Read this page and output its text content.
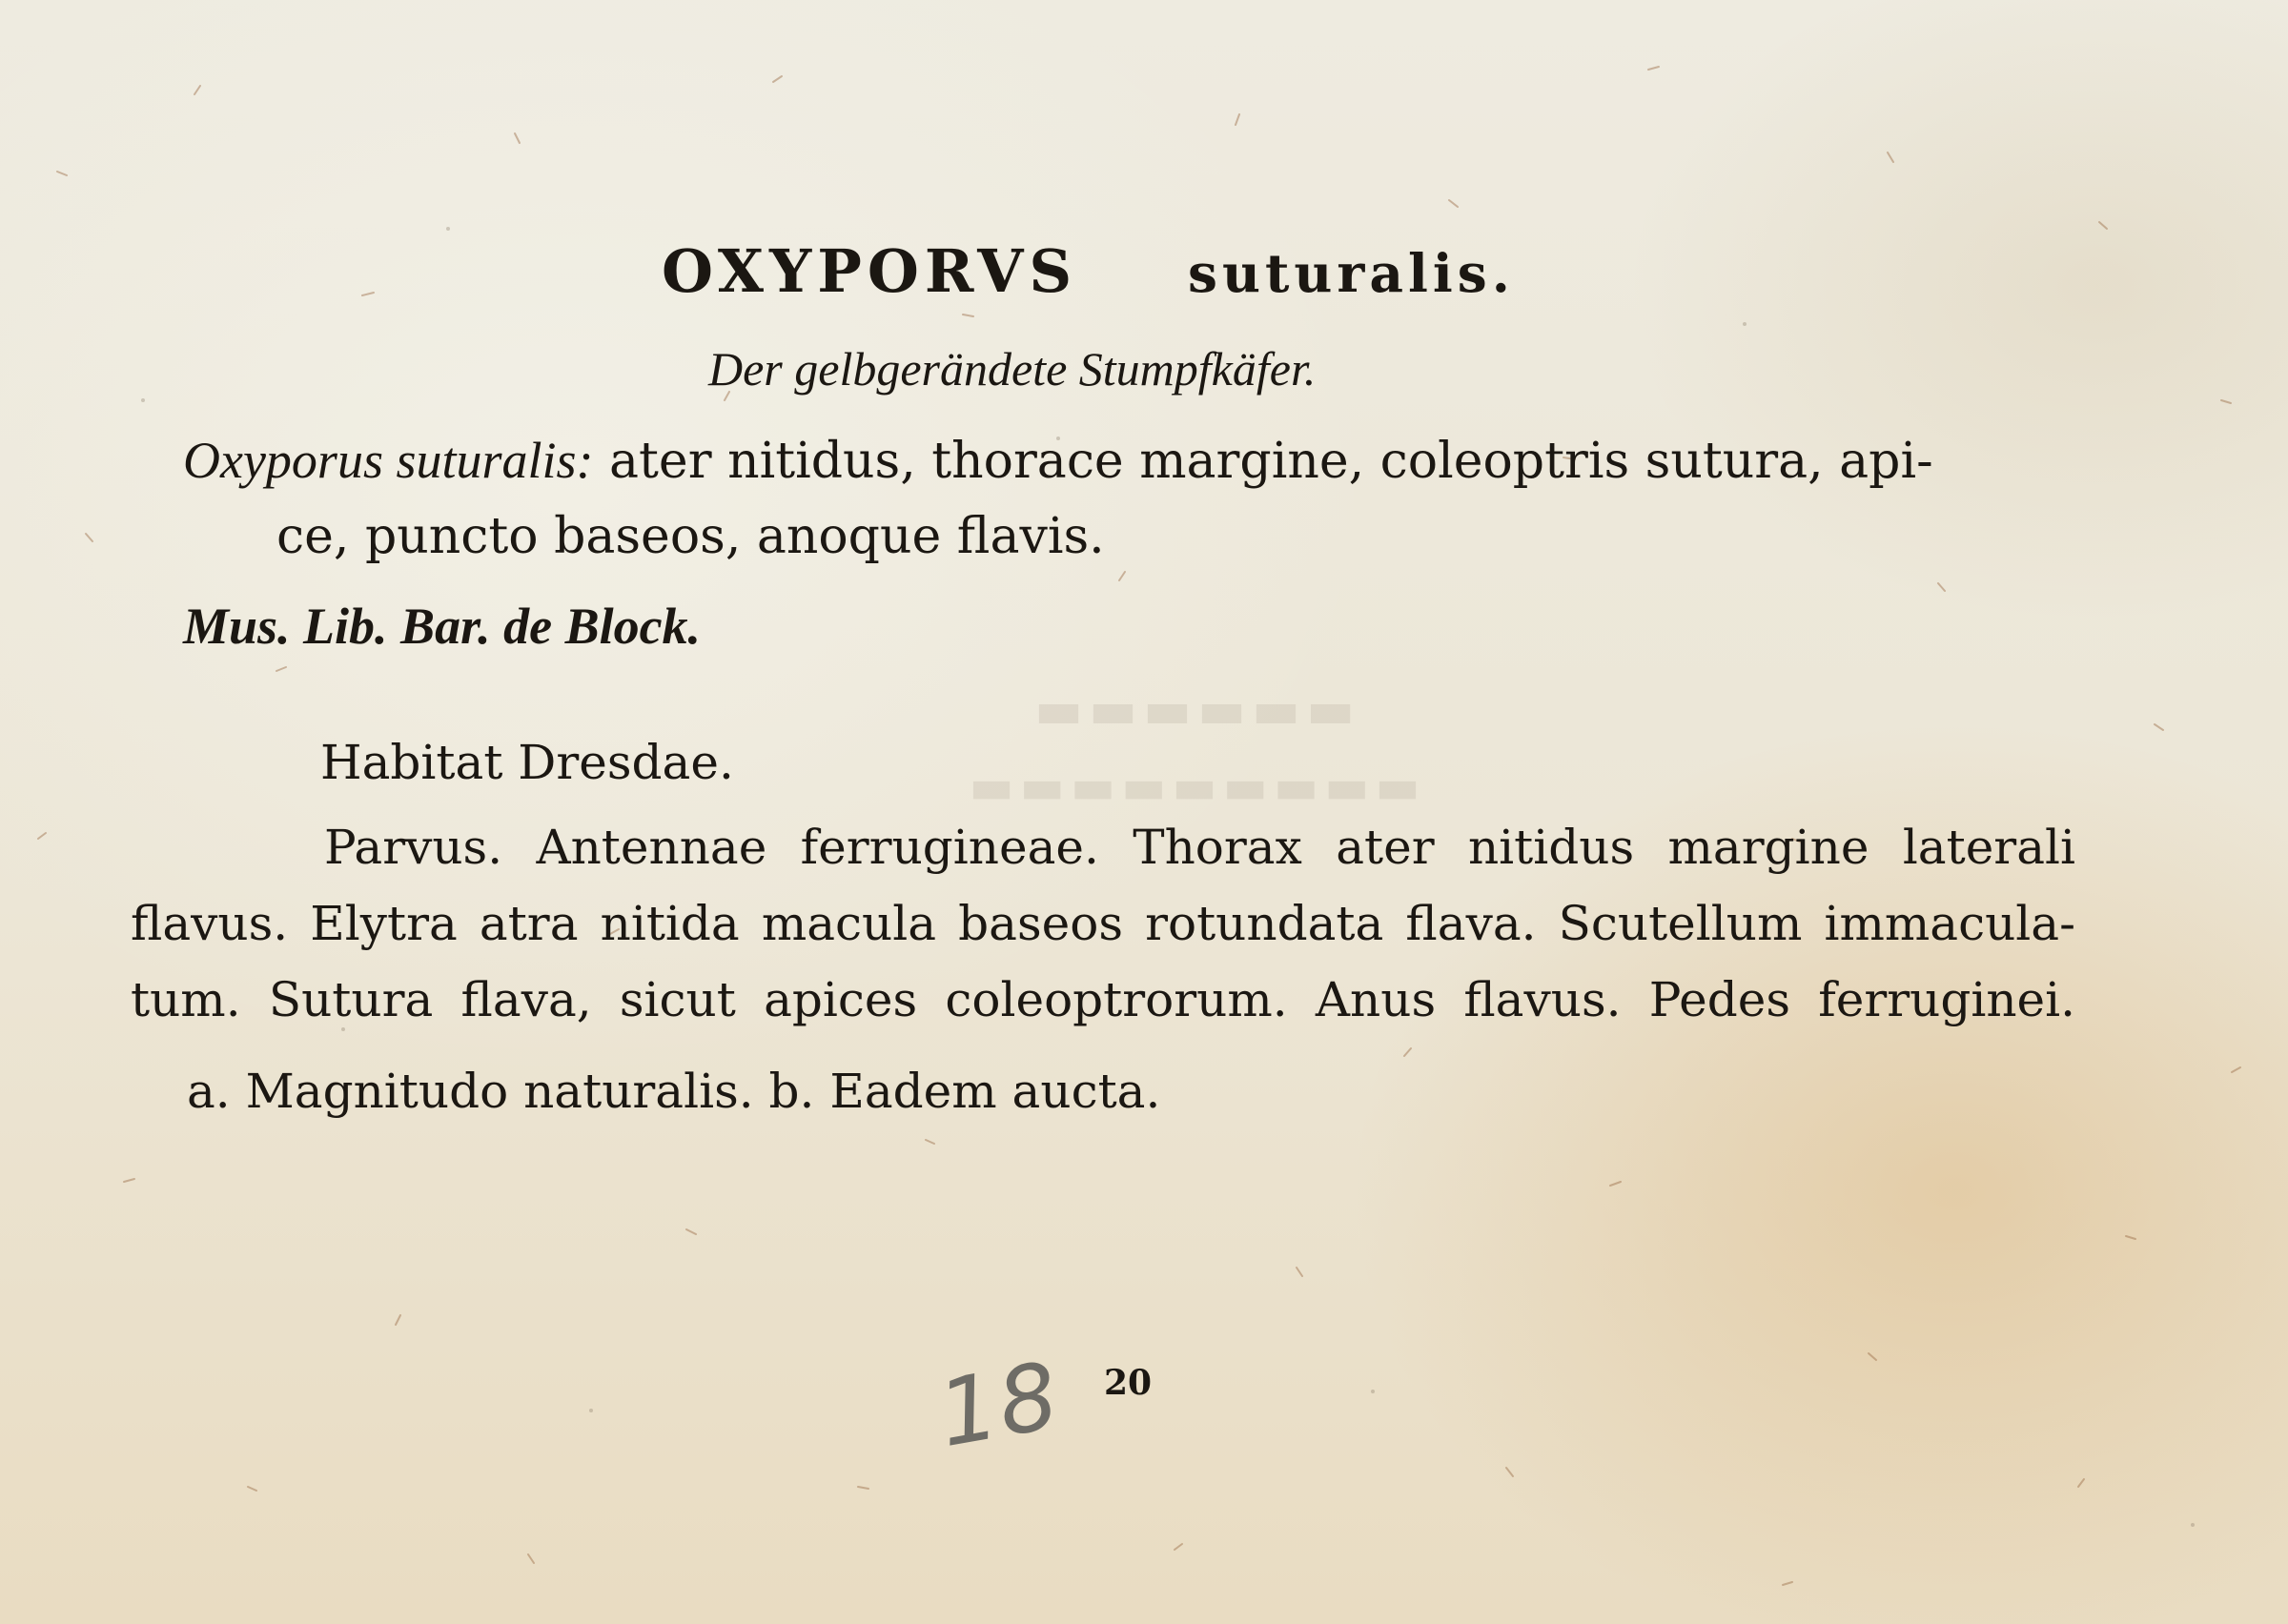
▬▬▬▬▬▬
▬▬▬▬▬▬▬▬▬
OXYPORVS suturalis.
Der gelbgerändete Stumpfkäfer.
Oxyporus suturalis: ater nitidus, thorace margine, coleoptris sutura, api-
ce, puncto baseos, anoque flavis.
Mus. Lib. Bar. de Block.
Habitat Dresdae.
Parvus. Antennae ferrugineae. Thorax ater nitidus margine laterali
flavus. Elytra atra nitida macula baseos rotundata flava. Scutellum immacula-
tum. Sutura flava, sicut apices coleoptrorum. Anus flavus. Pedes ferruginei.
a. Magnitudo naturalis. b. Eadem aucta.
18 20
